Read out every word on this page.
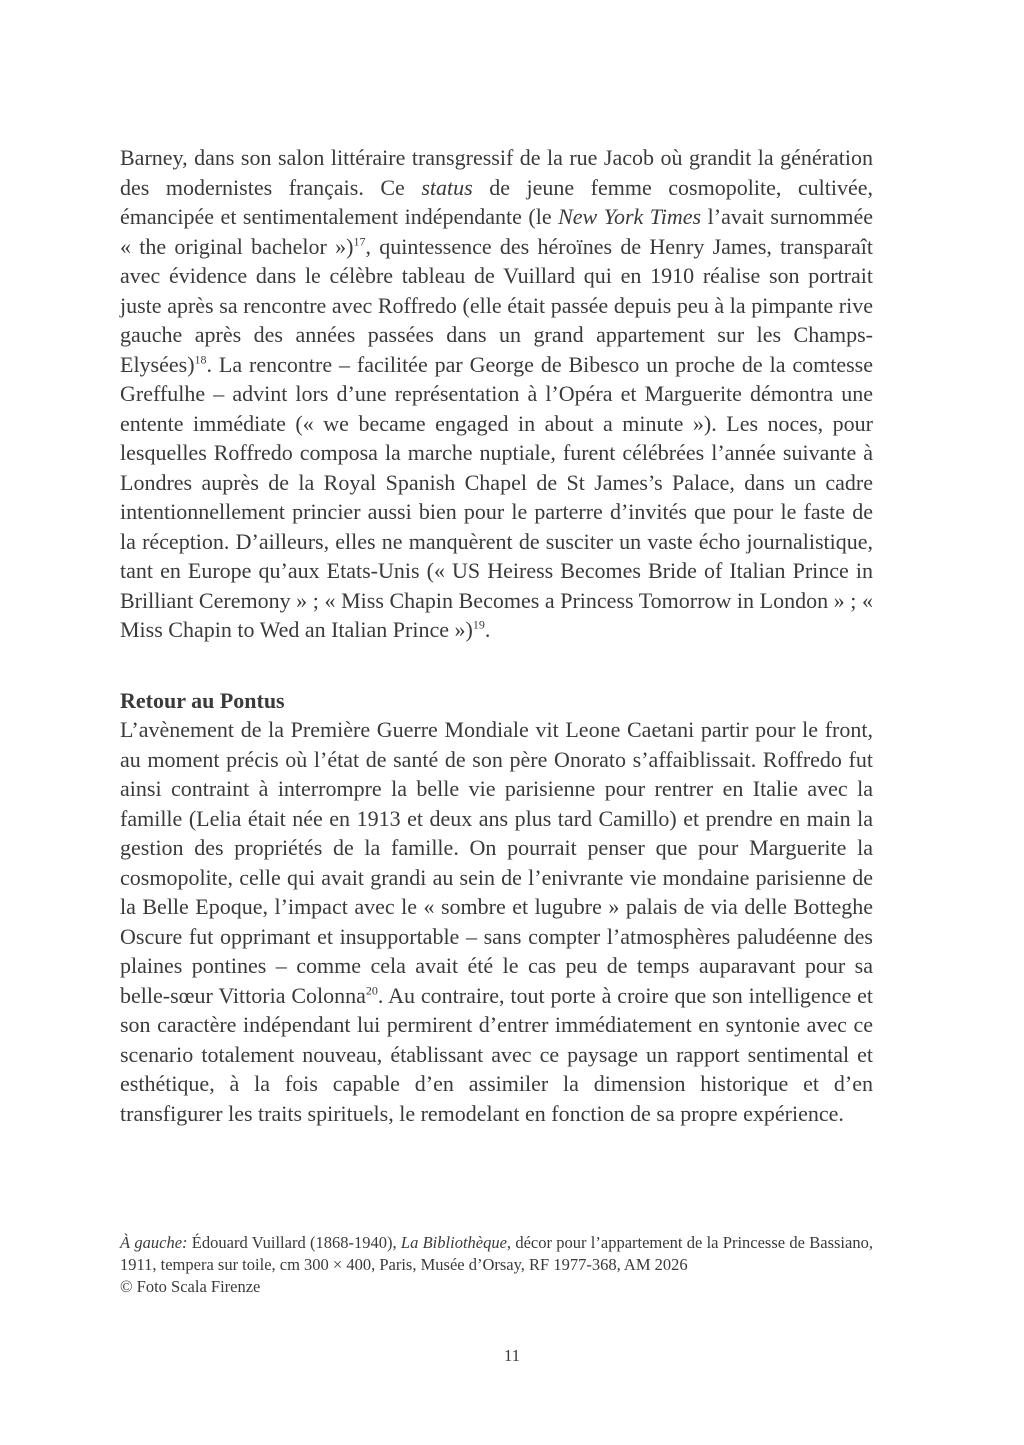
Barney, dans son salon littéraire transgressif de la rue Jacob où grandit la génération des modernistes français. Ce status de jeune femme cosmopolite, cultivée, émancipée et sentimentalement indépendante (le New York Times l’avait surnommée « the original bachelor »)$^{17}$, quintessence des héroïnes de Henry James, transparaît avec évidence dans le célèbre tableau de Vuillard qui en 1910 réalise son portrait juste après sa rencontre avec Roffredo (elle était passée depuis peu à la pimpante rive gauche après des années passées dans un grand appartement sur les Champs-Elysées)$^{18}$. La rencontre – facilitée par George de Bibesco un proche de la comtesse Greffulhe – advint lors d’une représentation à l’Opéra et Marguerite démontra une entente immédiate (« we became engaged in about a minute »). Les noces, pour lesquelles Roffredo composa la marche nuptiale, furent célébrées l’année suivante à Londres auprès de la Royal Spanish Chapel de St James’s Palace, dans un cadre intentionnellement princier aussi bien pour le parterre d’invités que pour le faste de la réception. D’ailleurs, elles ne manquèrent de susciter un vaste écho journalistique, tant en Europe qu’aux Etats-Unis (« US Heiress Becomes Bride of Italian Prince in Brilliant Ceremony » ; « Miss Chapin Becomes a Princess Tomorrow in London » ; « Miss Chapin to Wed an Italian Prince »)$^{19}$.

Retour au Pontus

L’avènement de la Première Guerre Mondiale vit Leone Caetani partir pour le front, au moment précis où l’état de santé de son père Onorato s’affaiblissait. Roffredo fut ainsi contraint à interrompre la belle vie parisienne pour rentrer en Italie avec la famille (Lelia était née en 1913 et deux ans plus tard Camillo) et prendre en main la gestion des propriétés de la famille. On pourrait penser que pour Marguerite la cosmopolite, celle qui avait grandi au sein de l’enivrante vie mondaine parisienne de la Belle Epoque, l’impact avec le « sombre et lugubre » palais de via delle Botteghe Oscure fut opprimant et insupportable – sans compter l’atmosphères paludéenne des plaines pontines – comme cela avait été le cas peu de temps auparavant pour sa belle-sœur Vittoria Colonna$^{20}$. Au contraire, tout porte à croire que son intelligence et son caractère indépendant lui permirent d’entrer immédiatement en syntonie avec ce scenario totalement nouveau, établissant avec ce paysage un rapport sentimental et esthétique, à la fois capable d’en assimiler la dimension historique et d’en transfigurer les traits spirituels, le remodelant en fonction de sa propre expérience.

À gauche: Édouard Vuillard (1868-1940), La Bibliothèque, décor pour l’appartement de la Princesse de Bassiano, 1911, tempera sur toile, cm 300 × 400, Paris, Musée d’Orsay, RF 1977-368, AM 2026
© Foto Scala Firenze

11
